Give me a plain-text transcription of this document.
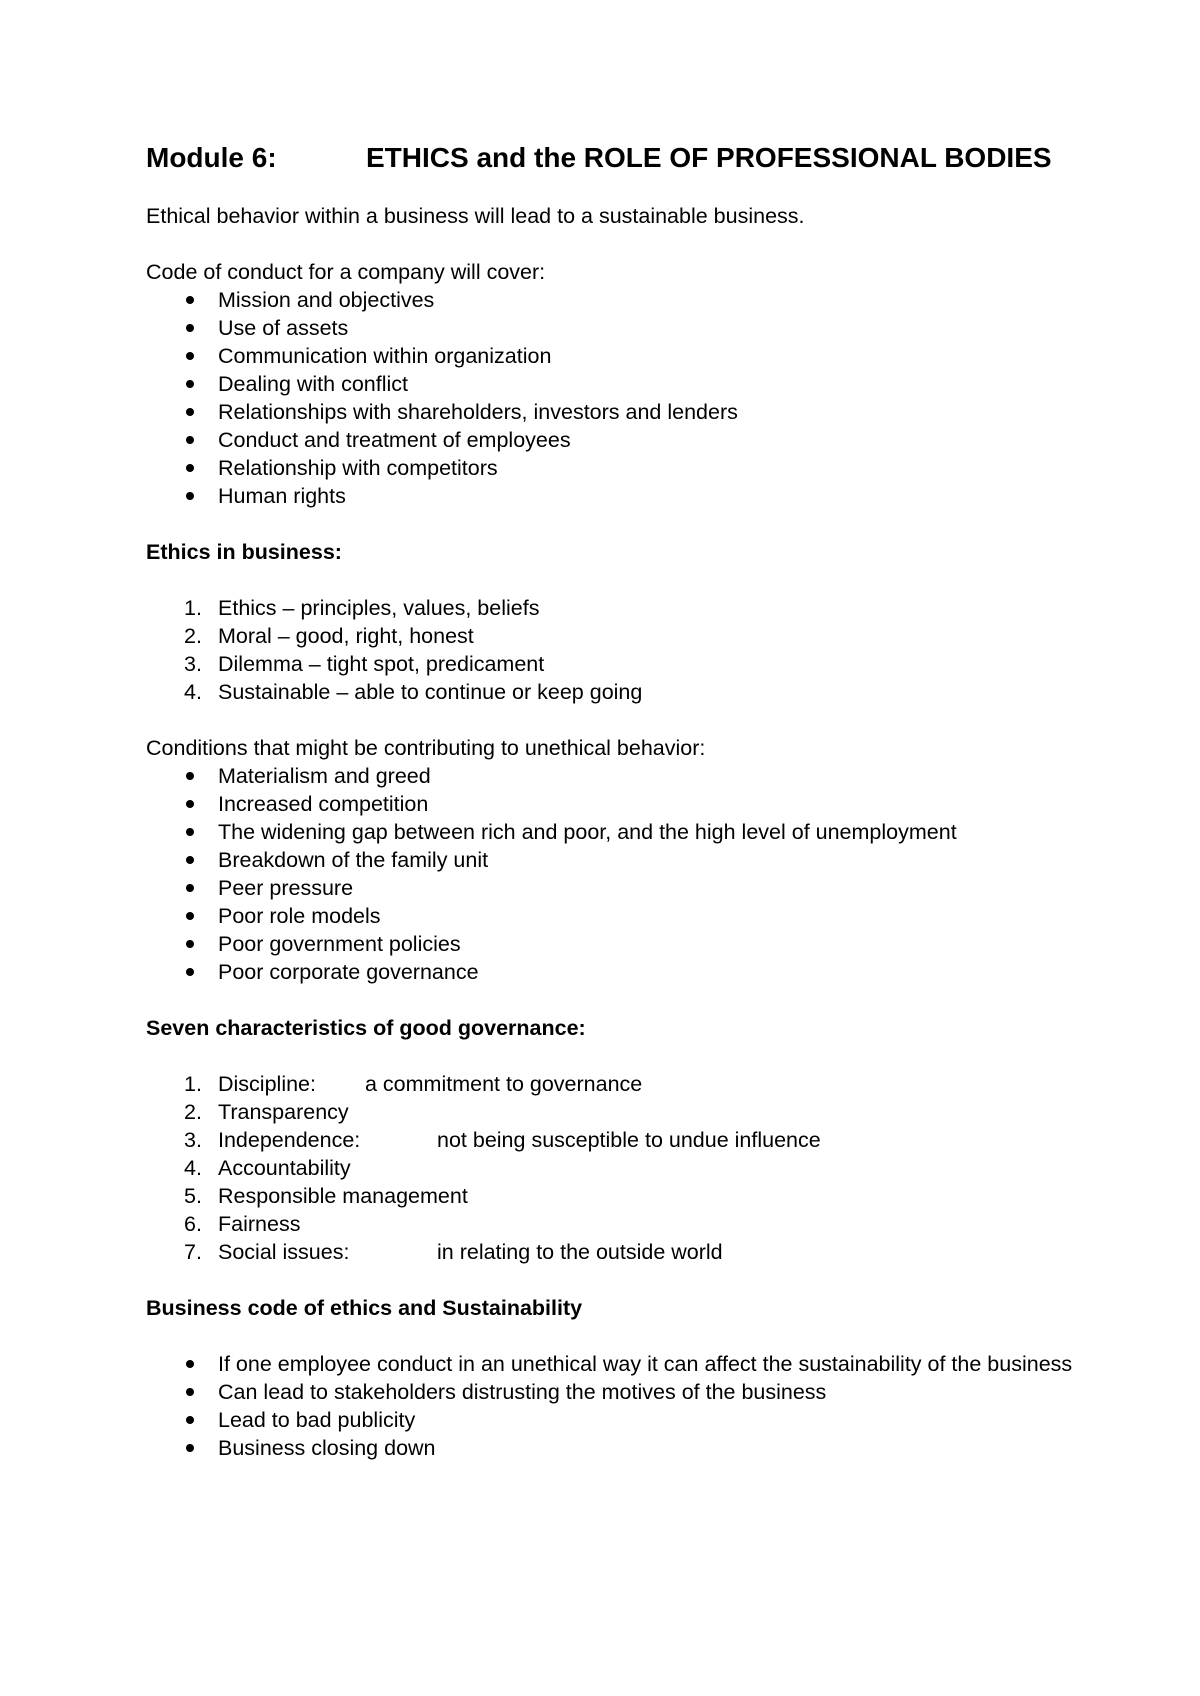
Module 6:	ETHICS and the ROLE OF PROFESSIONAL BODIES

Ethical behavior within a business will lead to a sustainable business.

Code of conduct for a company will cover:

Mission and objectives
Use of assets
Communication within organization
Dealing with conflict
Relationships with shareholders, investors and lenders
Conduct and treatment of employees
Relationship with competitors
Human rights

Ethics in business:

1. Ethics – principles, values, beliefs
2. Moral – good, right, honest
3. Dilemma – tight spot, predicament
4. Sustainable – able to continue or keep going

Conditions that might be contributing to unethical behavior:

Materialism and greed
Increased competition
The widening gap between rich and poor, and the high level of unemployment
Breakdown of the family unit
Peer pressure
Poor role models
Poor government policies
Poor corporate governance

Seven characteristics of good governance:

1. Discipline: a commitment to governance
2. Transparency
3. Independence:	not being susceptible to undue influence
4. Accountability
5. Responsible management
6. Fairness
7. Social issues:	in relating to the outside world

Business code of ethics and Sustainability

If one employee conduct in an unethical way it can affect the sustainability of the business
Can lead to stakeholders distrusting the motives of the business
Lead to bad publicity
Business closing down
